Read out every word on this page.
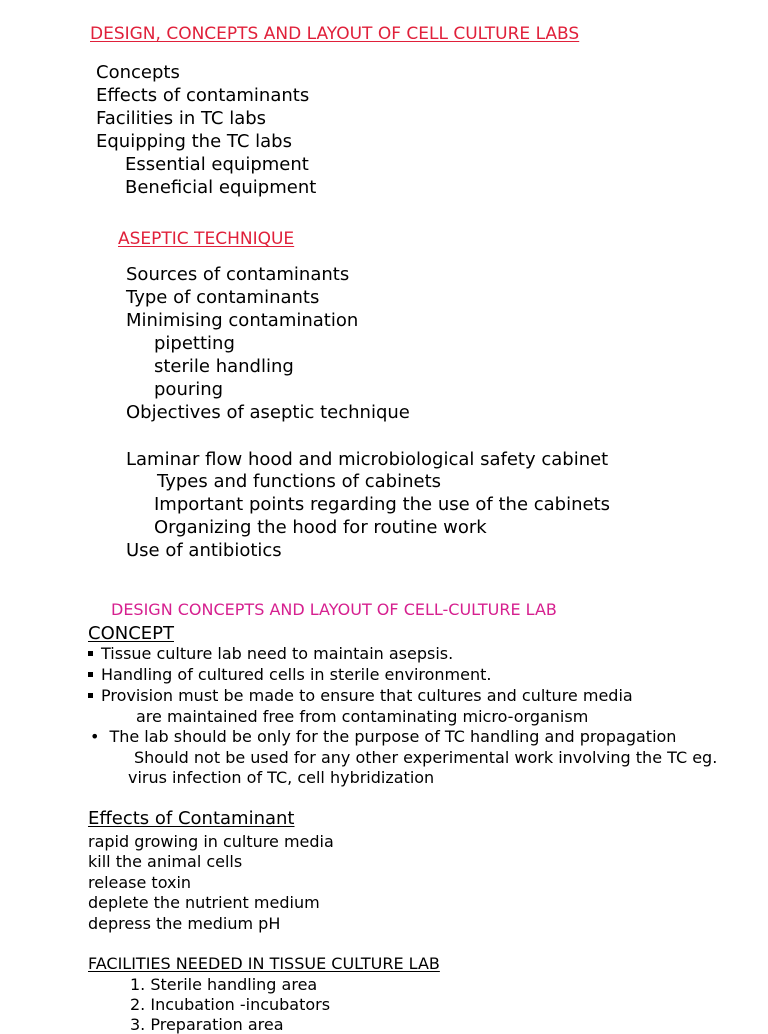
DESIGN, CONCEPTS AND LAYOUT OF CELL CULTURE LABS
Concepts
Effects of contaminants
Facilities in TC labs
Equipping the TC labs
Essential equipment
Beneficial equipment
ASEPTIC TECHNIQUE
Sources of contaminants
Type of contaminants
Minimising contamination
pipetting
sterile handling
pouring
Objectives of aseptic technique
Laminar flow hood and microbiological safety cabinet
Types and functions of cabinets
Important points regarding the use of the cabinets
Organizing the hood for routine work
Use of antibiotics
DESIGN CONCEPTS AND LAYOUT OF CELL-CULTURE LAB
CONCEPT
Tissue culture lab need to maintain asepsis.
Handling of cultured cells in sterile environment.
Provision must be made to ensure that cultures and culture media
are maintained free from contaminating micro-organism
• The lab should be only for the purpose of TC handling and propagation
Should not be used for any other experimental work involving the TC eg.
virus infection of TC, cell hybridization
Effects of Contaminant
rapid growing in culture media
kill the animal cells
release toxin
deplete the nutrient medium
depress the medium pH
FACILITIES NEEDED IN TISSUE CULTURE LAB
1. Sterile handling area
2. Incubation -incubators
3. Preparation area
